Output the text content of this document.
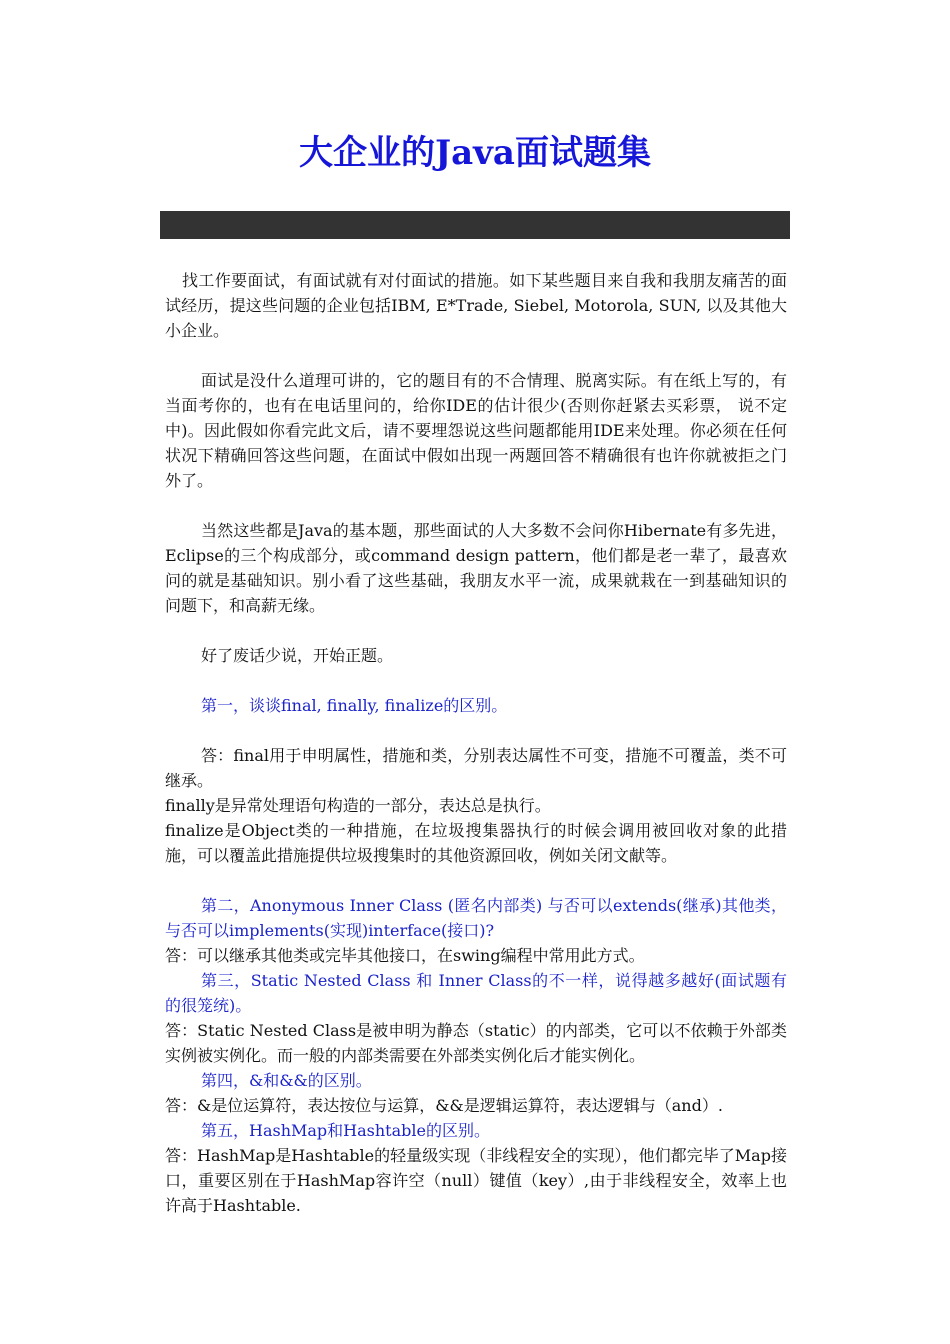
大企业的Java面试题集

找工作要面试，有面试就有对付面试的措施。如下某些题目来自我和我朋友痛苦的面试经历，提这些问题的企业包括IBM, E*Trade, Siebel, Motorola, SUN, 以及其他大小企业。

面试是没什么道理可讲的，它的题目有的不合情理、脱离实际。有在纸上写的，有当面考你的，也有在电话里问的，给你IDE的估计很少(否则你赶紧去买彩票， 说不定中)。因此假如你看完此文后，请不要埋怨说这些问题都能用IDE来处理。你必须在任何状况下精确回答这些问题，在面试中假如出现一两题回答不精确很有也许你就被拒之门外了。

当然这些都是Java的基本题，那些面试的人大多数不会问你Hibernate有多先进，Eclipse的三个构成部分，或command design pattern，他们都是老一辈了，最喜欢问的就是基础知识。别小看了这些基础，我朋友水平一流，成果就栽在一到基础知识的问题下，和高薪无缘。

好了废话少说，开始正题。

第一，谈谈final, finally, finalize的区别。

答：final用于申明属性，措施和类，分别表达属性不可变，措施不可覆盖，类不可继承。

finally是异常处理语句构造的一部分，表达总是执行。

finalize是Object类的一种措施，在垃圾搜集器执行的时候会调用被回收对象的此措施，可以覆盖此措施提供垃圾搜集时的其他资源回收，例如关闭文献等。

第二，Anonymous Inner Class (匿名内部类) 与否可以extends(继承)其他类，与否可以implements(实现)interface(接口)?

答：可以继承其他类或完毕其他接口，在swing编程中常用此方式。

第三，Static Nested Class 和 Inner Class的不一样，说得越多越好(面试题有的很笼统)。

答：Static Nested Class是被申明为静态（static）的内部类，它可以不依赖于外部类实例被实例化。而一般的内部类需要在外部类实例化后才能实例化。

第四，&和&&的区别。

答：&是位运算符，表达按位与运算，&&是逻辑运算符，表达逻辑与（and）.

第五，HashMap和Hashtable的区别。

答：HashMap是Hashtable的轻量级实现（非线程安全的实现），他们都完毕了Map接口，重要区别在于HashMap容许空（null）键值（key）,由于非线程安全，效率上也许高于Hashtable.
